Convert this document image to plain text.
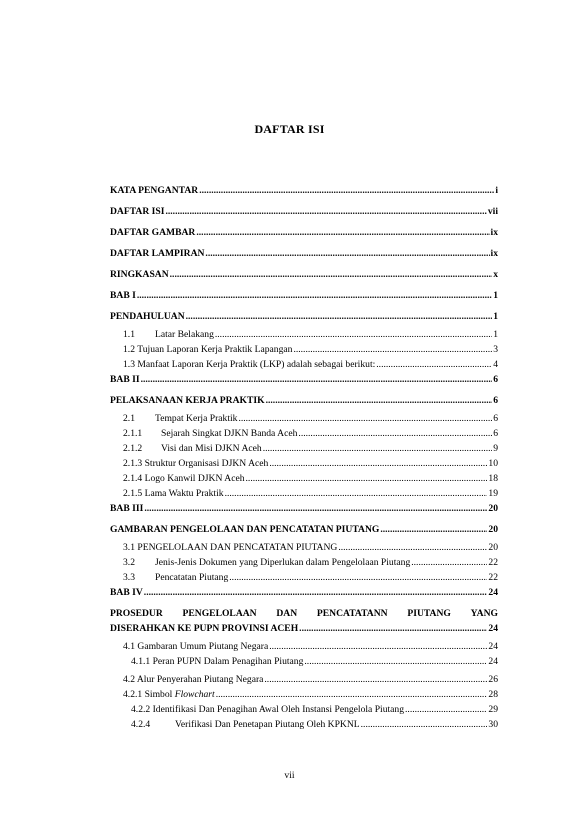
DAFTAR ISI
KATA PENGANTAR .....	i
DAFTAR ISI .....	vii
DAFTAR GAMBAR .....	ix
DAFTAR LAMPIRAN .....	ix
RINGKASAN .....	x
BAB I .....	1
PENDAHULUAN .....	1
1.1 Latar Belakang .....	1
1.2 Tujuan Laporan Kerja Praktik Lapangan .....	3
1.3 Manfaat Laporan Kerja Praktik (LKP) adalah sebagai berikut: .....	4
BAB II .....	6
PELAKSANAAN KERJA PRAKTIK .....	6
2.1 Tempat Kerja Praktik .....	6
2.1.1 Sejarah Singkat DJKN Banda Aceh .....	6
2.1.2 Visi dan Misi DJKN Aceh .....	9
2.1.3 Struktur Organisasi DJKN Aceh .....	10
2.1.4 Logo Kanwil DJKN Aceh .....	18
2.1.5 Lama Waktu Praktik .....	19
BAB III .....	20
GAMBARAN PENGELOLAAN DAN PENCATATAN PIUTANG .....	20
3.1 PENGELOLAAN DAN PENCATATAN PIUTANG .....	20
3.2 Jenis-Jenis Dokumen yang Diperlukan dalam Pengelolaan Piutang .....	22
3.3 Pencatatan Piutang .....	22
BAB IV .....	24
PROSEDUR PENGELOLAAN DAN PENCATATANN PIUTANG YANG
DISERAHKAN KE PUPN PROVINSI ACEH .....	24
4.1 Gambaran Umum Piutang Negara .....	24
4.1.1 Peran PUPN Dalam Penagihan Piutang .....	24
4.2 Alur Penyerahan Piutang Negara .....	26
4.2.1 Simbol Flowchart .....	28
4.2.2 Identifikasi Dan Penagihan Awal Oleh Instansi Pengelola Piutang .....	29
4.2.4	Verifikasi Dan Penetapan Piutang Oleh KPKNL .....	30
vii
